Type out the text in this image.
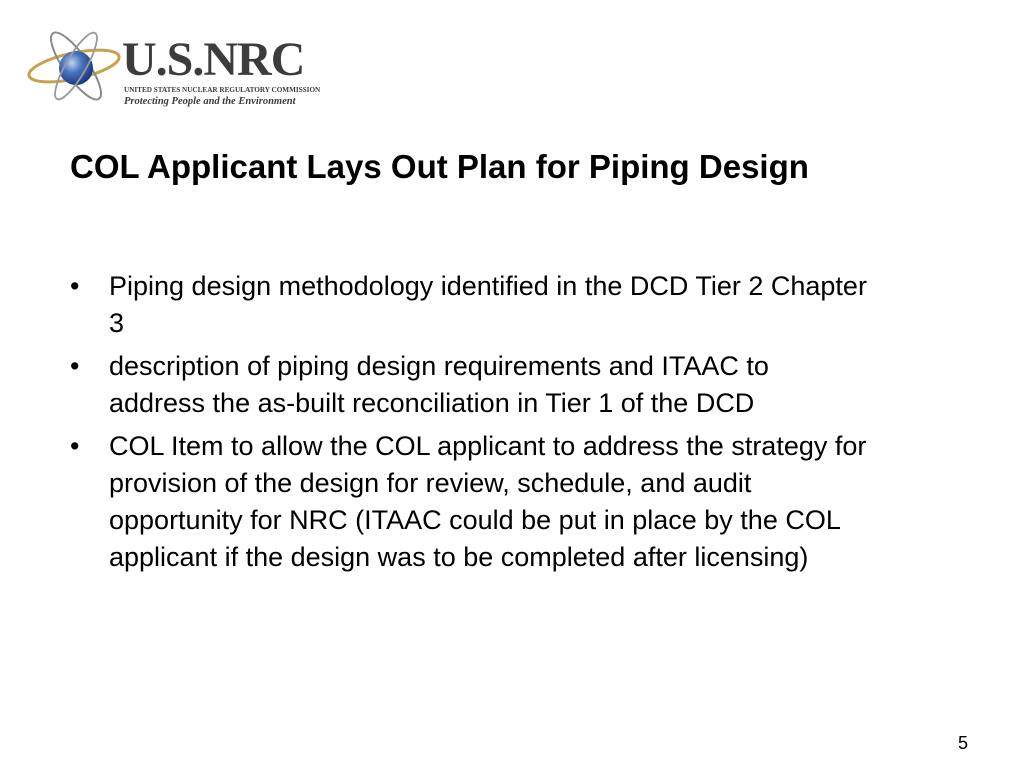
U.S.NRC
UNITED STATES NUCLEAR REGULATORY COMMISSION
Protecting People and the Environment
COL Applicant Lays Out Plan for Piping Design
• Piping design methodology identified in the DCD Tier 2 Chapter 3
• description of piping design requirements and ITAAC to address the as-built reconciliation in Tier 1 of the DCD
• COL Item to allow the COL applicant to address the strategy for provision of the design for review, schedule, and audit opportunity for NRC (ITAAC could be put in place by the COL applicant if the design was to be completed after licensing)
5
